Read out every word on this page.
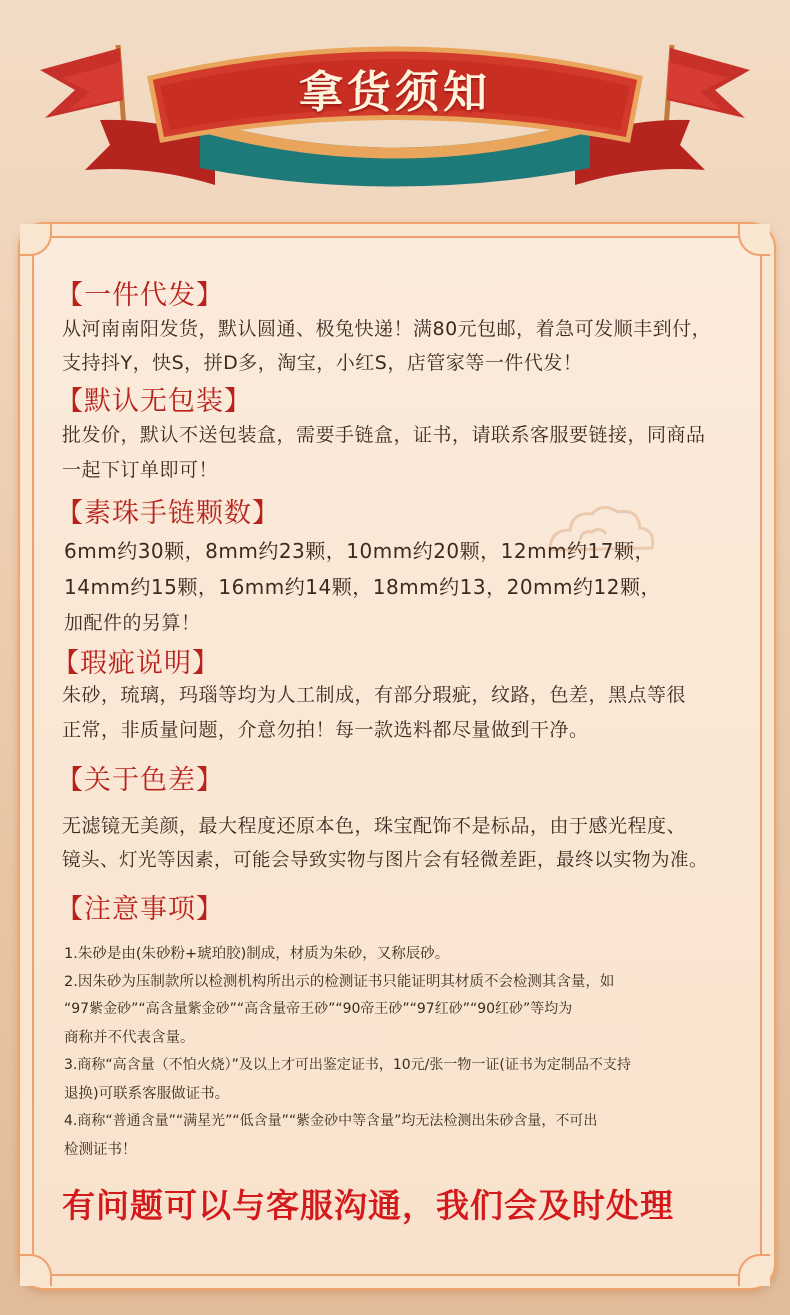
拿货须知
【一件代发】
从河南南阳发货，默认圆通、极兔快递！满80元包邮，着急可发顺丰到付，
支持抖Y，快S，拼D多，淘宝，小红S，店管家等一件代发！
【默认无包装】
批发价，默认不送包装盒，需要手链盒，证书，请联系客服要链接，同商品
一起下订单即可！
【素珠手链颗数】
6mm约30颗，8mm约23颗，10mm约20颗，12mm约17颗，
14mm约15颗，16mm约14颗，18mm约13，20mm约12颗，
加配件的另算！
【瑕疵说明】
朱砂，琉璃，玛瑙等均为人工制成，有部分瑕疵，纹路，色差，黑点等很
正常，非质量问题，介意勿拍！每一款选料都尽量做到干净。
【关于色差】
无滤镜无美颜，最大程度还原本色，珠宝配饰不是标品，由于感光程度、
镜头、灯光等因素，可能会导致实物与图片会有轻微差距，最终以实物为准。
【注意事项】
1.朱砂是由(朱砂粉+琥珀胶)制成，材质为朱砂，又称辰砂。
2.因朱砂为压制款所以检测机构所出示的检测证书只能证明其材质不会检测其含量，如
“97紫金砂”“高含量紫金砂”“高含量帝王砂”“90帝王砂”“97红砂”“90红砂”等均为
商称并不代表含量。
3.商称“高含量（不怕火烧）”及以上才可出鉴定证书，10元/张一物一证(证书为定制品不支持
退换)可联系客服做证书。
4.商称“普通含量”“满星光”“低含量”“紫金砂中等含量”均无法检测出朱砂含量，不可出
检测证书！
有问题可以与客服沟通，我们会及时处理
